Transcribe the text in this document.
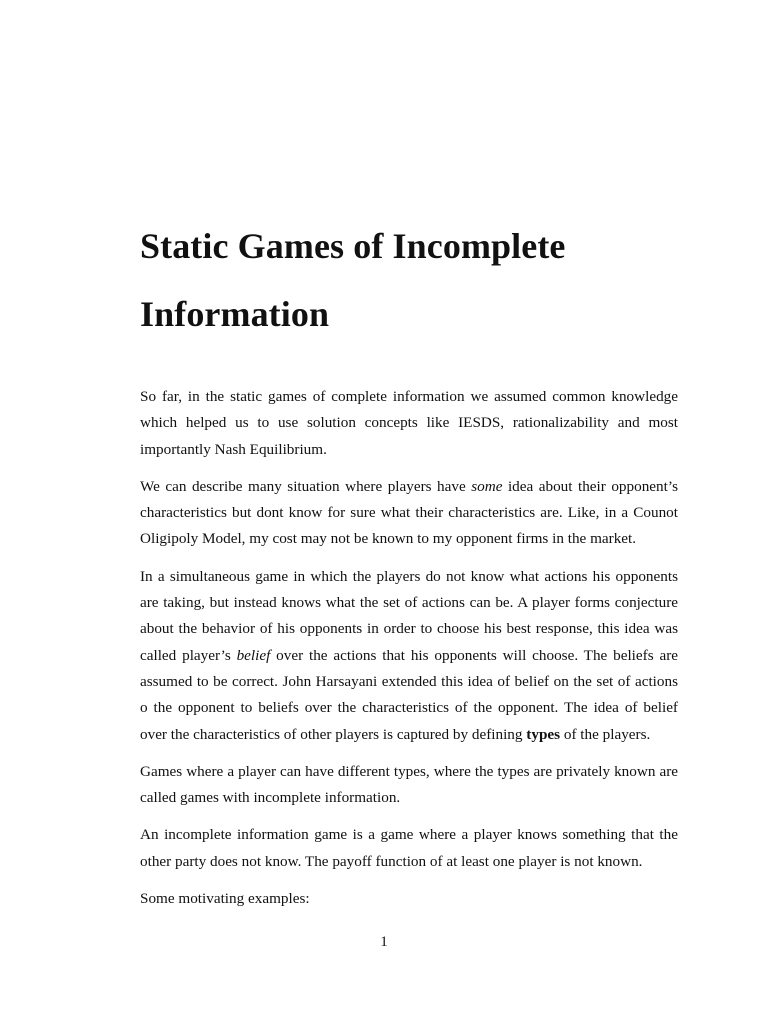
Static Games of Incomplete
Information

So far, in the static games of complete information we assumed common knowledge which helped us to use solution concepts like IESDS, rationalizability and most importantly Nash Equilibrium.

We can describe many situation where players have some idea about their opponent’s characteristics but dont know for sure what their characteristics are. Like, in a Counot Oligipoly Model, my cost may not be known to my opponent firms in the market.

In a simultaneous game in which the players do not know what actions his opponents are taking, but instead knows what the set of actions can be. A player forms conjecture about the behavior of his opponents in order to choose his best response, this idea was called player’s belief over the actions that his opponents will choose. The beliefs are assumed to be correct. John Harsayani extended this idea of belief on the set of actions o the opponent to beliefs over the characteristics of the opponent. The idea of belief over the characteristics of other players is captured by defining types of the players.

Games where a player can have different types, where the types are privately known are called games with incomplete information.

An incomplete information game is a game where a player knows something that the other party does not know. The payoff function of at least one player is not known.

Some motivating examples:

1
